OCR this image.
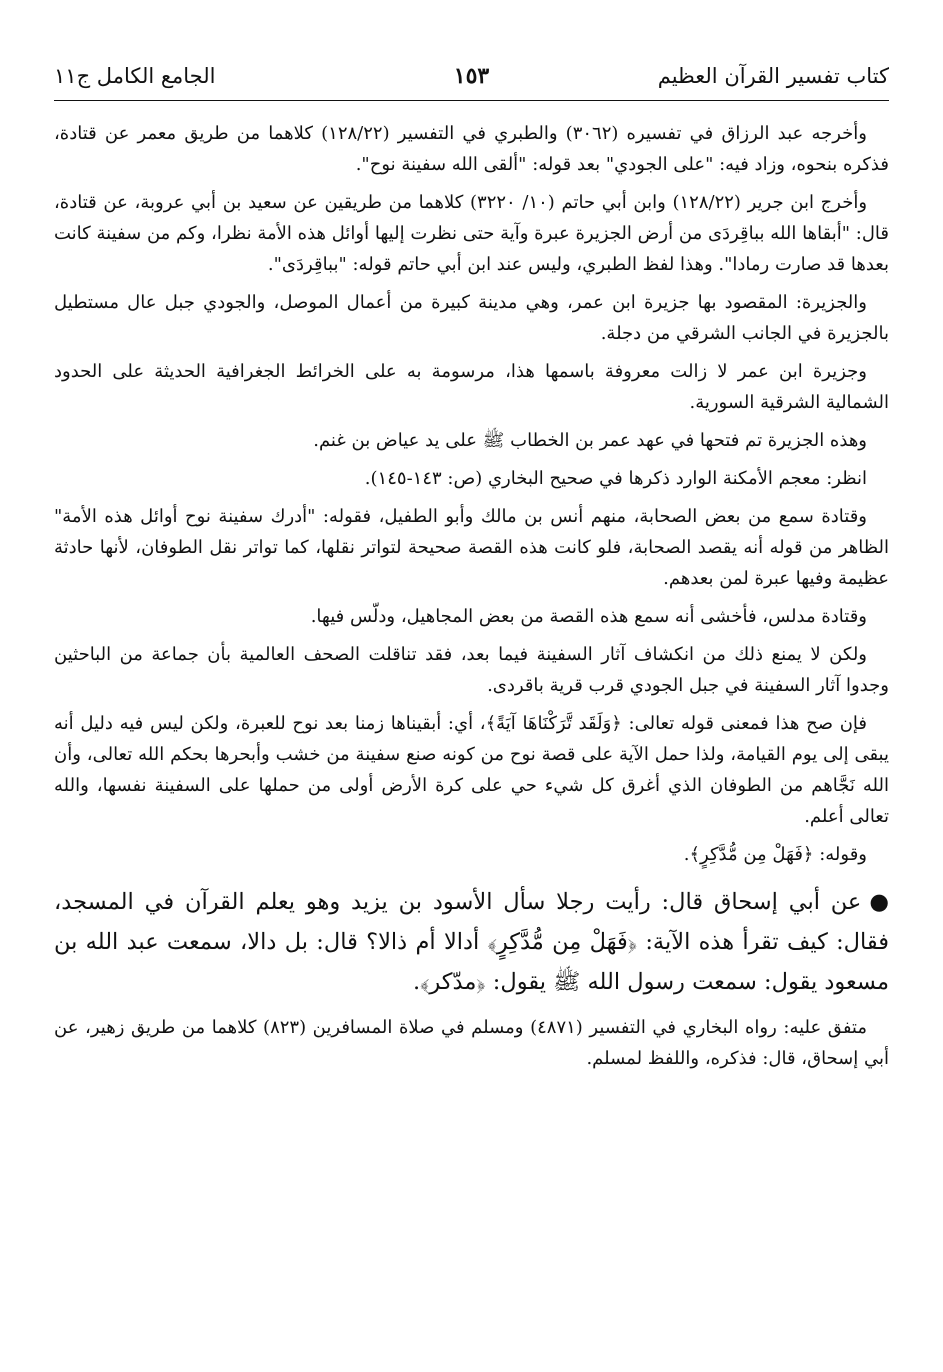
كتاب تفسير القرآن العظيم
١٥٣
الجامع الكامل ج١١

وأخرجه عبد الرزاق في تفسيره (٣٠٦٢) والطبري في التفسير (١٢٨/٢٢) كلاهما من طريق معمر عن قتادة، فذكره بنحوه، وزاد فيه: "على الجودي" بعد قوله: "ألقى الله سفينة نوح".

وأخرج ابن جرير (١٢٨/٢٢) وابن أبي حاتم (١٠/ ٣٢٢٠) كلاهما من طريقين عن سعيد بن أبي عروبة، عن قتادة، قال: "أبقاها الله بباقِردَى من أرض الجزيرة عبرة وآية حتى نظرت إليها أوائل هذه الأمة نظرا، وكم من سفينة كانت بعدها قد صارت رمادا". وهذا لفظ الطبري، وليس عند ابن أبي حاتم قوله: "بباقِردَى".

والجزيرة: المقصود بها جزيرة ابن عمر، وهي مدينة كبيرة من أعمال الموصل، والجودي جبل عال مستطيل بالجزيرة في الجانب الشرقي من دجلة.

وجزيرة ابن عمر لا زالت معروفة باسمها هذا، مرسومة به على الخرائط الجغرافية الحديثة على الحدود الشمالية الشرقية السورية.

وهذه الجزيرة تم فتحها في عهد عمر بن الخطاب ﷺ على يد عياض بن غنم.

انظر: معجم الأمكنة الوارد ذكرها في صحيح البخاري (ص: ١٤٣-١٤٥).

وقتادة سمع من بعض الصحابة، منهم أنس بن مالك وأبو الطفيل، فقوله: "أدرك سفينة نوح أوائل هذه الأمة" الظاهر من قوله أنه يقصد الصحابة، فلو كانت هذه القصة صحيحة لتواتر نقلها، كما تواتر نقل الطوفان، لأنها حادثة عظيمة وفيها عبرة لمن بعدهم.

وقتادة مدلس، فأخشى أنه سمع هذه القصة من بعض المجاهيل، ودلّس فيها.

ولكن لا يمنع ذلك من انكشاف آثار السفينة فيما بعد، فقد تناقلت الصحف العالمية بأن جماعة من الباحثين وجدوا آثار السفينة في جبل الجودي قرب قرية باقردى.

فإن صح هذا فمعنى قوله تعالى: ﴿وَلَقَد تَّرَكْنَاهَا آيَةً﴾، أي: أبقيناها زمنا بعد نوح للعبرة، ولكن ليس فيه دليل أنه يبقى إلى يوم القيامة، ولذا حمل الآية على قصة نوح من كونه صنع سفينة من خشب وأبحرها بحكم الله تعالى، وأن الله نَجَّاهم من الطوفان الذي أغرق كل شيء حي على كرة الأرض أولى من حملها على السفينة نفسها، والله تعالى أعلم.

وقوله: ﴿فَهَلْ مِن مُّدَّكِرٍ﴾.

●عن أبي إسحاق قال: رأيت رجلا سأل الأسود بن يزيد وهو يعلم القرآن في المسجد، فقال: كيف تقرأ هذه الآية: ﴿فَهَلْ مِن مُّدَّكِرٍ﴾ أدالا أم ذالا؟ قال: بل دالا، سمعت عبد الله بن مسعود يقول: سمعت رسول الله ﷺ يقول: ﴿مدّكر﴾.

متفق عليه: رواه البخاري في التفسير (٤٨٧١) ومسلم في صلاة المسافرين (٨٢٣) كلاهما من طريق زهير، عن أبي إسحاق، قال: فذكره، واللفظ لمسلم.
